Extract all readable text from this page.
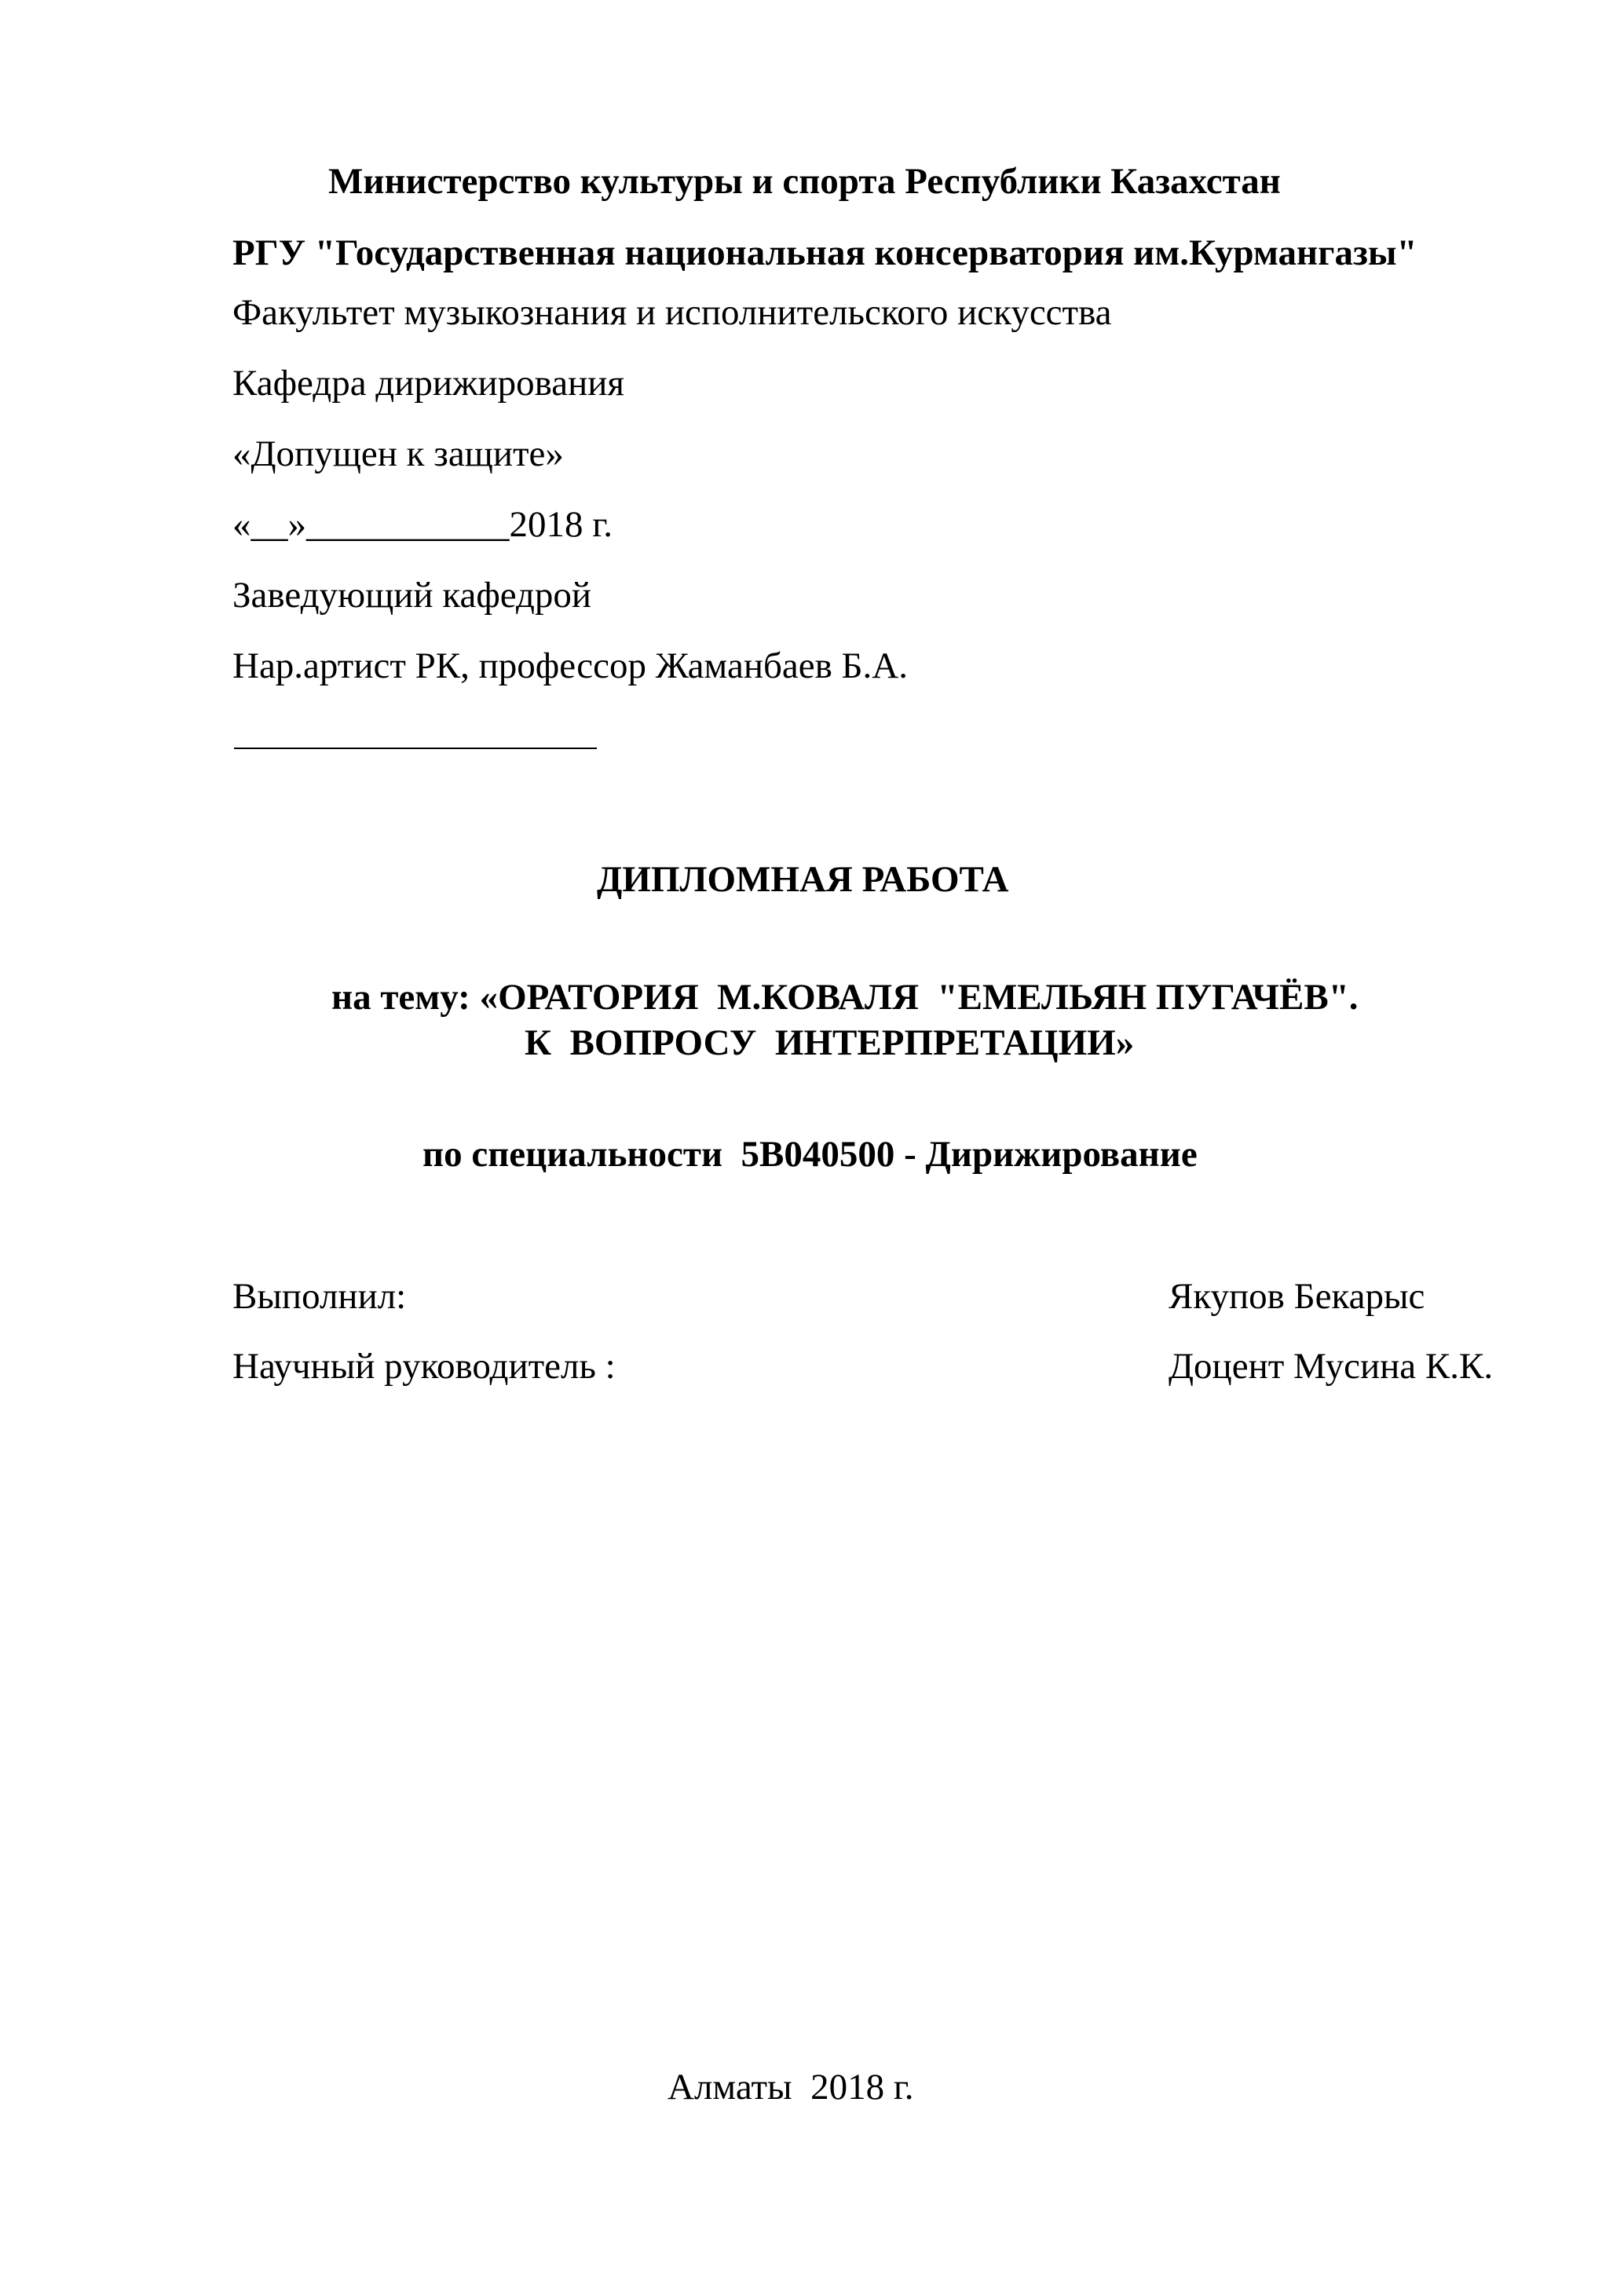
Министерство культуры и спорта Республики Казахстан

РГУ "Государственная национальная консерватория им.Курмангазы"

Факультет музыкознания и исполнительского искусства

Кафедра дирижирования

«Допущен к защите»

«__»___________2018 г.

Заведующий кафедрой

Нар.артист РК, профессор Жаманбаев Б.А.

ДИПЛОМНАЯ РАБОТА

на тему: «ОРАТОРИЯ  М.КОВАЛЯ  "ЕМЕЛЬЯН ПУГАЧЁВ".

К  ВОПРОСУ  ИНТЕРПРЕТАЦИИ»

по специальности  5В040500 - Дирижирование

Выполнил:	Якупов Бекарыс

Научный руководитель :	Доцент Мусина К.К.

Алматы  2018 г.
